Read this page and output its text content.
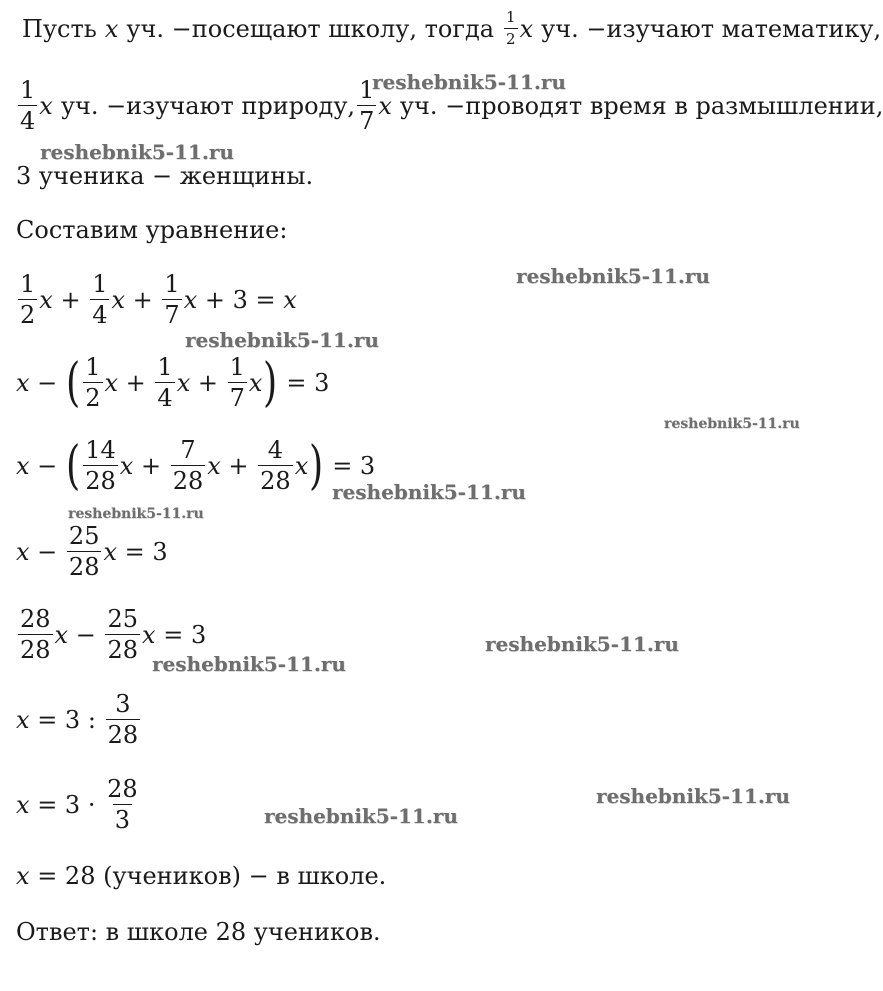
Пусть x уч. −посещают школу, тогда $\frac{1}{2}$ x уч. −изучают математику,
$\frac{1}{4}$ x уч. −изучают природу, $\frac{1}{7}$ x уч. −проводят время в размышлении,
3 ученика − женщины.
Составим уравнение:
$\frac{1}{2}$ $x + \frac{1}{4}$ $x + \frac{1}{7}$ x
+ 3 =
x
x − ( $\frac{1}{2}$ $x + \frac{1}{4}$ $x + \frac{1}{7}$ x )
= 3
x − ( $\frac{14}{28}$ $x + \frac{7}{28}$ $x + \frac{4}{28}$ x )
= 3
$x - \frac{25}{28}$ x
= 3
$\frac{28}{28}$ $x - \frac{25}{28}$ x
= 3
x
= 3 :
$\frac{3}{28}$
x
= 3 ·
$\frac{28}{3}$
x
= 28 (учеников) − в школе.
Ответ: в школе 28 учеников.
reshebnik5-11.ru
reshebnik5-11.ru
reshebnik5-11.ru
reshebnik5-11.ru
reshebnik5-11.ru
reshebnik5-11.ru
reshebnik5-11.ru
reshebnik5-11.ru
reshebnik5-11.ru
reshebnik5-11.ru
reshebnik5-11.ru
